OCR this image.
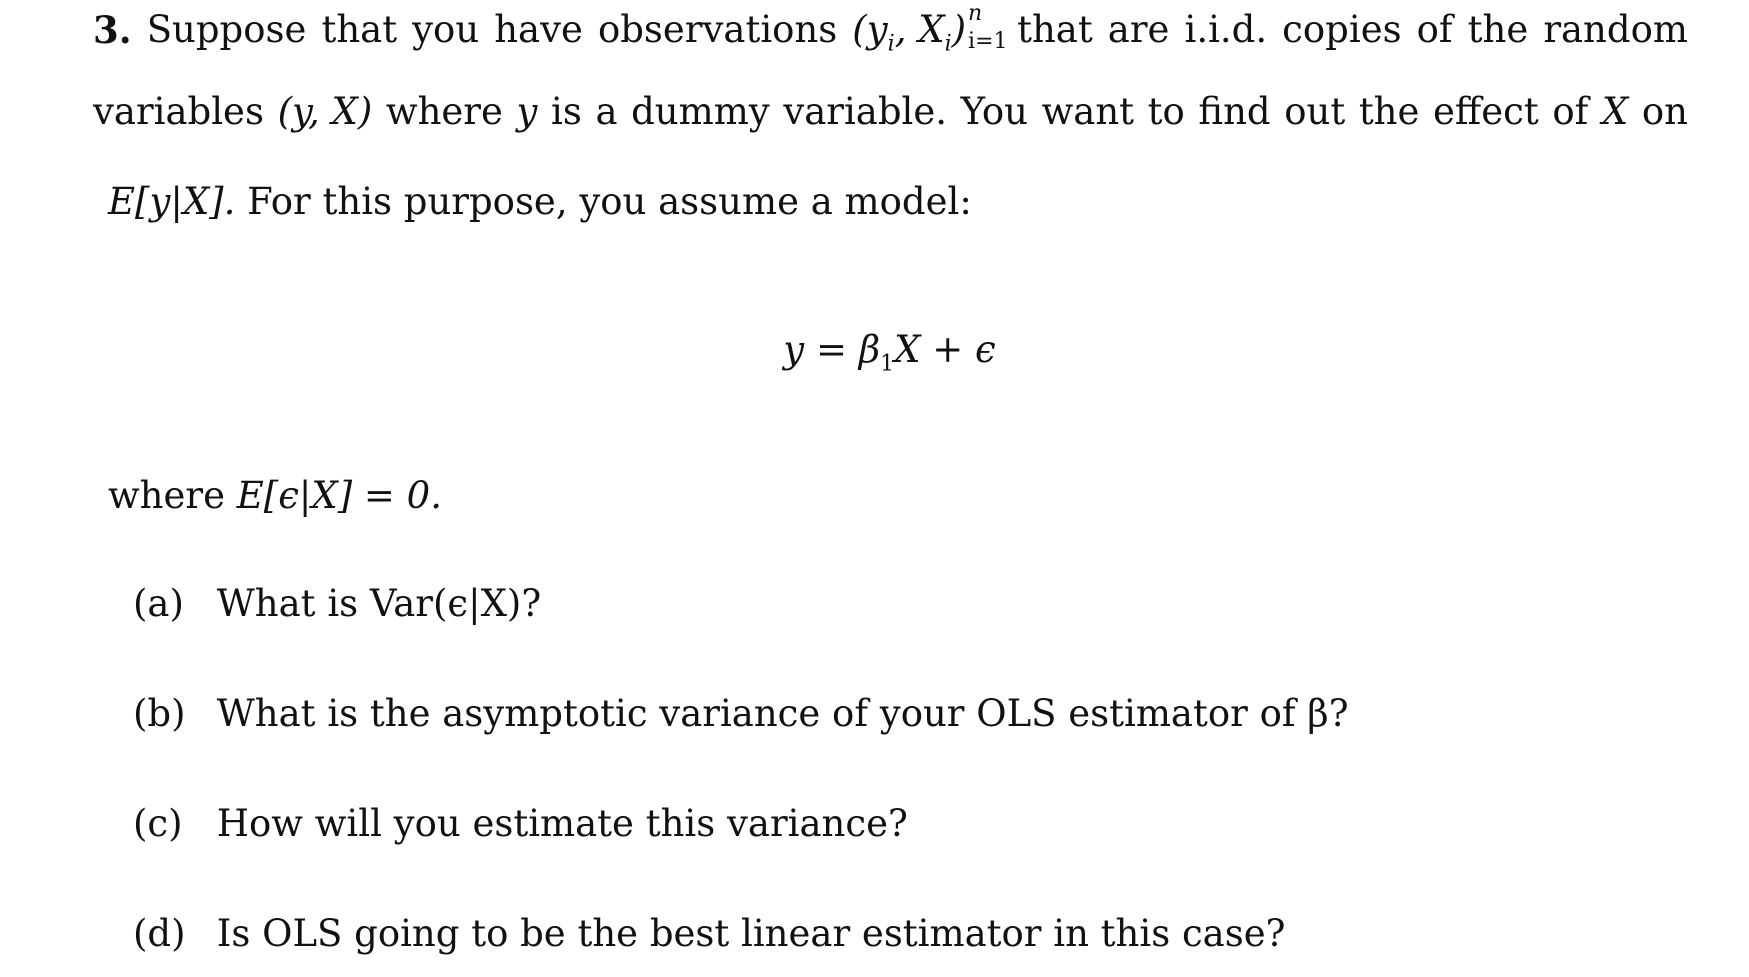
3. Suppose that you have observations ($y_i$, $X_i$) n
i=1 that are i.i.d. copies of the random
variables (y, X) where y is a dummy variable. You want to find out the effect of X on
E[y|X]. For this purpose, you assume a model:
$y = \beta_1X + \epsilon$
where E[ϵ|X] = 0.
(a) What is Var(ϵ|X)?
(b) What is the asymptotic variance of your OLS estimator of β?
(c) How will you estimate this variance?
(d) Is OLS going to be the best linear estimator in this case?
